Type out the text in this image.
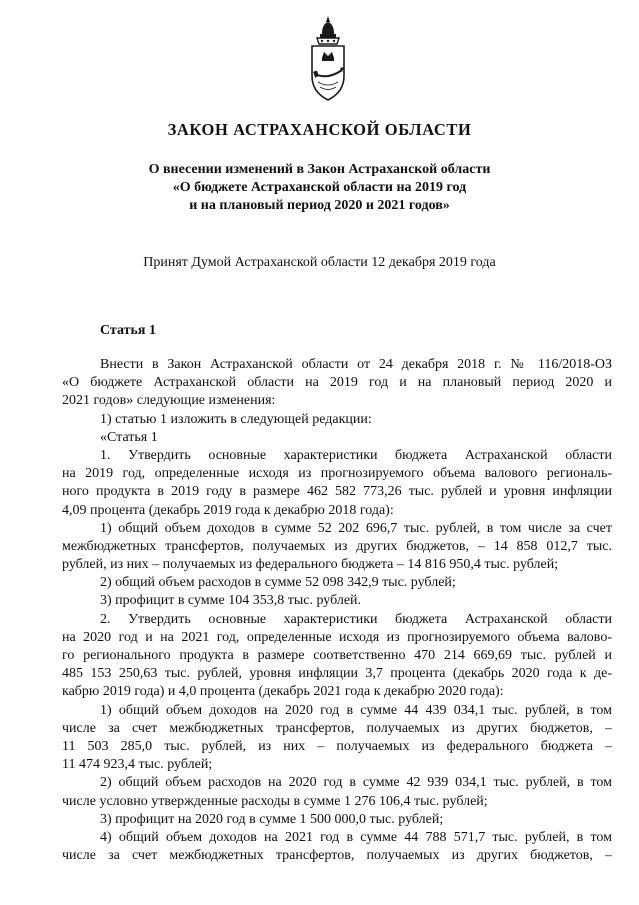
ЗАКОН АСТРАХАНСКОЙ ОБЛАСТИ
О внесении изменений в Закон Астраханской области
«О бюджете Астраханской области на 2019 год
и на плановый период 2020 и 2021 годов»
Принят Думой Астраханской области 12 декабря 2019 года
Статья 1
Внести в Закон Астраханской области от 24 декабря 2018 г. № 116/2018-ОЗ
«О бюджете Астраханской области на 2019 год и на плановый период 2020 и
2021 годов» следующие изменения:
1) статью 1 изложить в следующей редакции:
«Статья 1
1. Утвердить основные характеристики бюджета Астраханской области
на 2019 год, определенные исходя из прогнозируемого объема валового региональ-
ного продукта в 2019 году в размере 462 582 773,26 тыс. рублей и уровня инфляции
4,09 процента (декабрь 2019 года к декабрю 2018 года):
1) общий объем доходов в сумме 52 202 696,7 тыс. рублей, в том числе за счет
межбюджетных трансфертов, получаемых из других бюджетов, – 14 858 012,7 тыс.
рублей, из них – получаемых из федерального бюджета – 14 816 950,4 тыс. рублей;
2) общий объем расходов в сумме 52 098 342,9 тыс. рублей;
3) профицит в сумме 104 353,8 тыс. рублей.
2. Утвердить основные характеристики бюджета Астраханской области
на 2020 год и на 2021 год, определенные исходя из прогнозируемого объема валово-
го регионального продукта в размере соответственно 470 214 669,69 тыс. рублей и
485 153 250,63 тыс. рублей, уровня инфляции 3,7 процента (декабрь 2020 года к де-
кабрю 2019 года) и 4,0 процента (декабрь 2021 года к декабрю 2020 года):
1) общий объем доходов на 2020 год в сумме 44 439 034,1 тыс. рублей, в том
числе за счет межбюджетных трансфертов, получаемых из других бюджетов, –
11 503 285,0 тыс. рублей, из них – получаемых из федерального бюджета –
11 474 923,4 тыс. рублей;
2) общий объем расходов на 2020 год в сумме 42 939 034,1 тыс. рублей, в том
числе условно утвержденные расходы в сумме 1 276 106,4 тыс. рублей;
3) профицит на 2020 год в сумме 1 500 000,0 тыс. рублей;
4) общий объем доходов на 2021 год в сумме 44 788 571,7 тыс. рублей, в том
числе за счет межбюджетных трансфертов, получаемых из других бюджетов, –
